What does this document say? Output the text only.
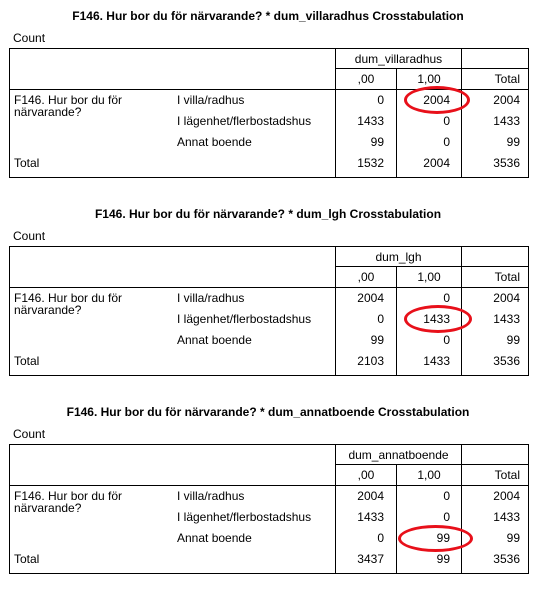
F146. Hur bor du för närvarande? * dum_villaradhus Crosstabulation
Count
dum_villaradhus
,00	1,00	Total
F146. Hur bor du för närvarande?
I villa/radhus	0	2004	2004
I lägenhet/flerbostadshus	1433	0	1433
Annat boende	99	0	99
Total	1532	2004	3536
F146. Hur bor du för närvarande? * dum_lgh Crosstabulation
Count
dum_lgh
,00	1,00	Total
F146. Hur bor du för närvarande?
I villa/radhus	2004	0	2004
I lägenhet/flerbostadshus	0	1433	1433
Annat boende	99	0	99
Total	2103	1433	3536
F146. Hur bor du för närvarande? * dum_annatboende Crosstabulation
Count
dum_annatboende
,00	1,00	Total
F146. Hur bor du för närvarande?
I villa/radhus	2004	0	2004
I lägenhet/flerbostadshus	1433	0	1433
Annat boende	0	99	99
Total	3437	99	3536
